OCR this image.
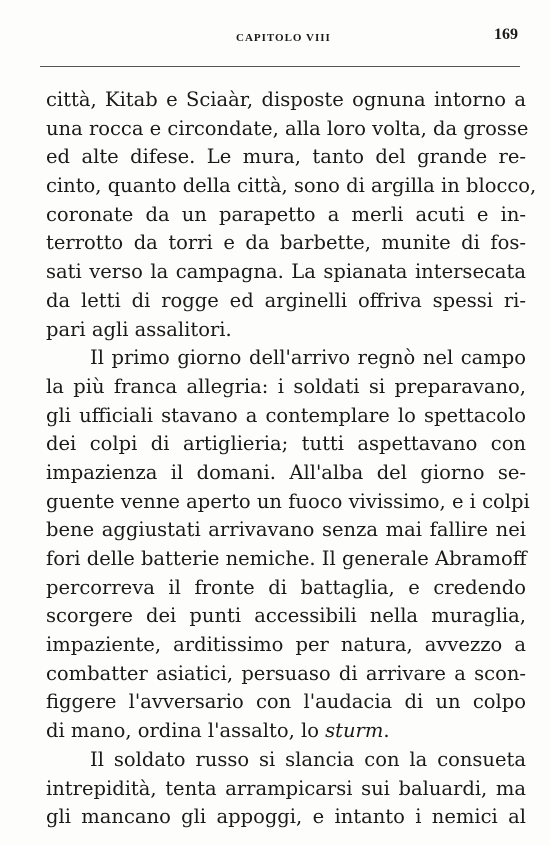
CAPITOLO VIII	169
città, Kitab e Sciaàr, disposte ognuna intorno a
una rocca e circondate, alla loro volta, da grosse
ed alte difese. Le mura, tanto del grande re-
cinto, quanto della città, sono di argilla in blocco,
coronate da un parapetto a merli acuti e in-
terrotto da torri e da barbette, munite di fos-
sati verso la campagna. La spianata intersecata
da letti di rogge ed arginelli offriva spessi ri-
pari agli assalitori.
Il primo giorno dell'arrivo regnò nel campo
la più franca allegria: i soldati si preparavano,
gli ufficiali stavano a contemplare lo spettacolo
dei colpi di artiglieria; tutti aspettavano con
impazienza il domani. All'alba del giorno se-
guente venne aperto un fuoco vivissimo, e i colpi
bene aggiustati arrivavano senza mai fallire nei
fori delle batterie nemiche. Il generale Abramoff
percorreva il fronte di battaglia, e credendo
scorgere dei punti accessibili nella muraglia,
impaziente, arditissimo per natura, avvezzo a
combatter asiatici, persuaso di arrivare a scon-
figgere l'avversario con l'audacia di un colpo
di mano, ordina l'assalto, lo sturm.
Il soldato russo si slancia con la consueta
intrepidità, tenta arrampicarsi sui baluardi, ma
gli mancano gli appoggi, e intanto i nemici al
